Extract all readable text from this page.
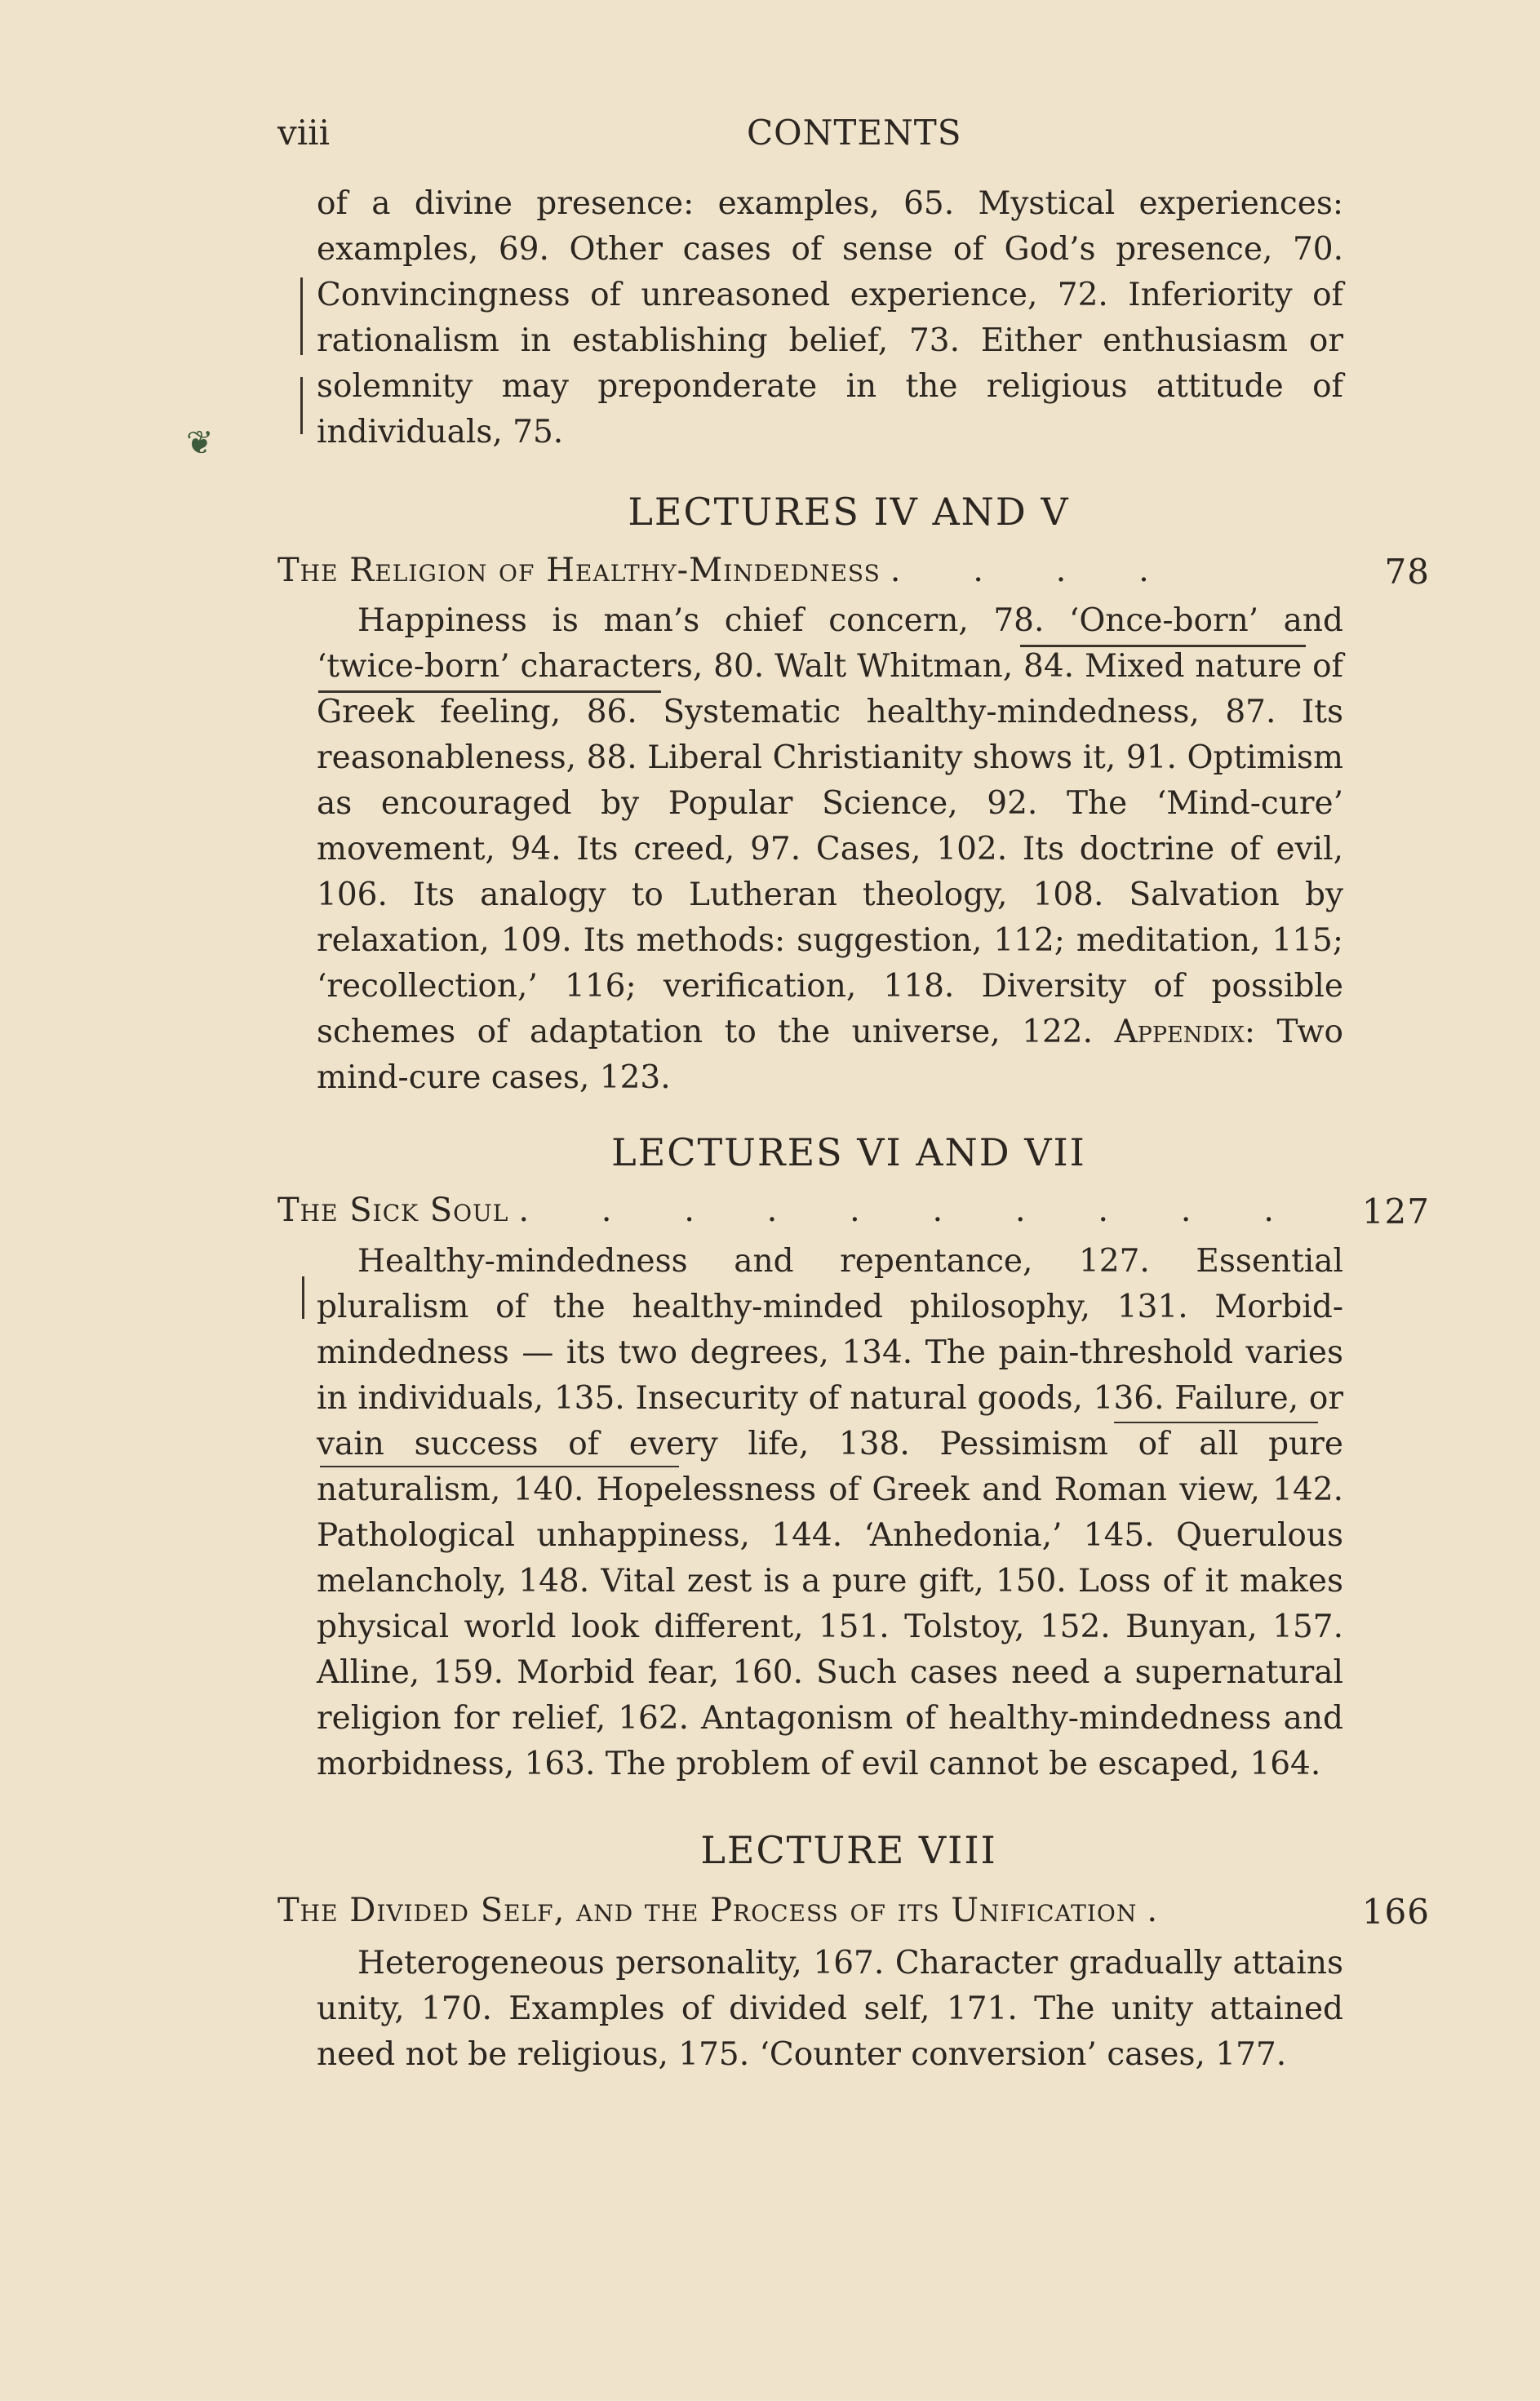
viii	CONTENTS
❦

of a divine presence: examples, 65. Mystical experiences: examples, 69. Other cases of sense of God’s presence, 70. Convincingness of unreasoned experience, 72. Inferiority of rationalism in establishing belief, 73. Either enthusiasm or solemnity may preponderate in the religious attitude of individuals, 75.

LECTURES IV AND V
The Religion of Healthy-Mindedness . . . .	78

Happiness is man’s chief concern, 78. ‘Once-born’ and ‘twice-born’ characters, 80. Walt Whitman, 84. Mixed nature of Greek feeling, 86. Systematic healthy-mindedness, 87. Its reasonableness, 88. Liberal Christianity shows it, 91. Optimism as encouraged by Popular Science, 92. The ‘Mind-cure’ movement, 94. Its creed, 97. Cases, 102. Its doctrine of evil, 106. Its analogy to Lutheran theology, 108. Salvation by relaxation, 109. Its methods: suggestion, 112; meditation, 115; ‘recollection,’ 116; verification, 118. Diversity of possible schemes of adaptation to the universe, 122. Appendix: Two mind-cure cases, 123.

LECTURES VI AND VII
The Sick Soul . . . . . . . . . .	127

Healthy-mindedness and repentance, 127. Essential pluralism of the healthy-minded philosophy, 131. Morbid-mindedness — its two degrees, 134. The pain-threshold varies in individuals, 135. Insecurity of natural goods, 136. Failure, or vain success of every life, 138. Pessimism of all pure naturalism, 140. Hopelessness of Greek and Roman view, 142. Pathological unhappiness, 144. ‘Anhedonia,’ 145. Querulous melancholy, 148. Vital zest is a pure gift, 150. Loss of it makes physical world look different, 151. Tolstoy, 152. Bunyan, 157. Alline, 159. Morbid fear, 160. Such cases need a supernatural religion for relief, 162. Antagonism of healthy-mindedness and morbidness, 163. The problem of evil cannot be escaped, 164.

LECTURE VIII
The Divided Self, and the Process of its Unification .	166

Heterogeneous personality, 167. Character gradually attains unity, 170. Examples of divided self, 171. The unity attained need not be religious, 175. ‘Counter conversion’ cases, 177.
